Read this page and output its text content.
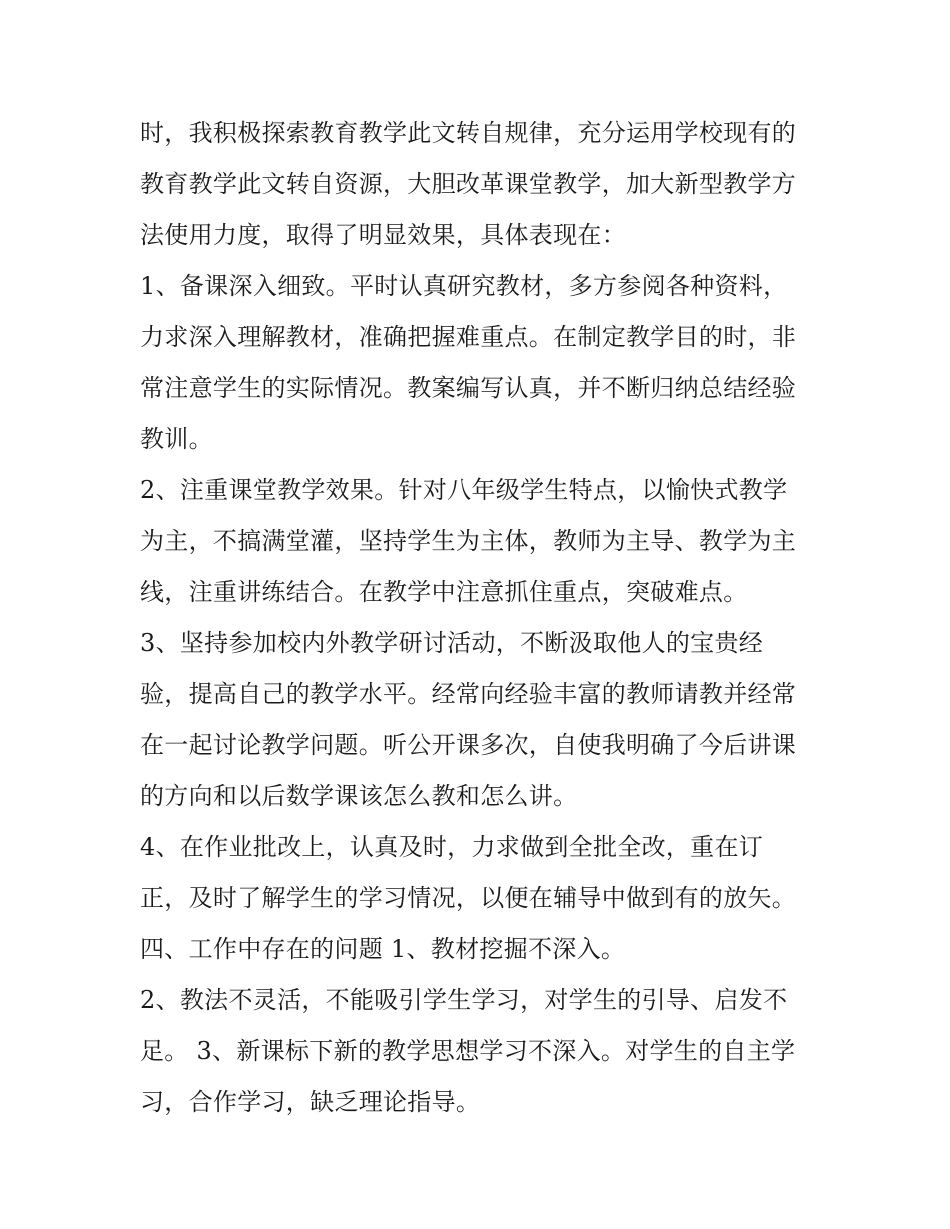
时，我积极探索教育教学此文转自规律，充分运用学校现有的
教育教学此文转自资源，大胆改革课堂教学，加大新型教学方
法使用力度，取得了明显效果，具体表现在：
1、备课深入细致。平时认真研究教材，多方参阅各种资料，
力求深入理解教材，准确把握难重点。在制定教学目的时，非
常注意学生的实际情况。教案编写认真，并不断归纳总结经验
教训。
2、注重课堂教学效果。针对八年级学生特点，以愉快式教学
为主，不搞满堂灌，坚持学生为主体，教师为主导、教学为主
线，注重讲练结合。在教学中注意抓住重点，突破难点。
3、坚持参加校内外教学研讨活动，不断汲取他人的宝贵经
验，提高自己的教学水平。经常向经验丰富的教师请教并经常
在一起讨论教学问题。听公开课多次，自使我明确了今后讲课
的方向和以后数学课该怎么教和怎么讲。
4、在作业批改上，认真及时，力求做到全批全改，重在订
正，及时了解学生的学习情况，以便在辅导中做到有的放矢。
四、工作中存在的问题 1、教材挖掘不深入。
2、教法不灵活，不能吸引学生学习，对学生的引导、启发不
足。 3、新课标下新的教学思想学习不深入。对学生的自主学
习，合作学习，缺乏理论指导。
